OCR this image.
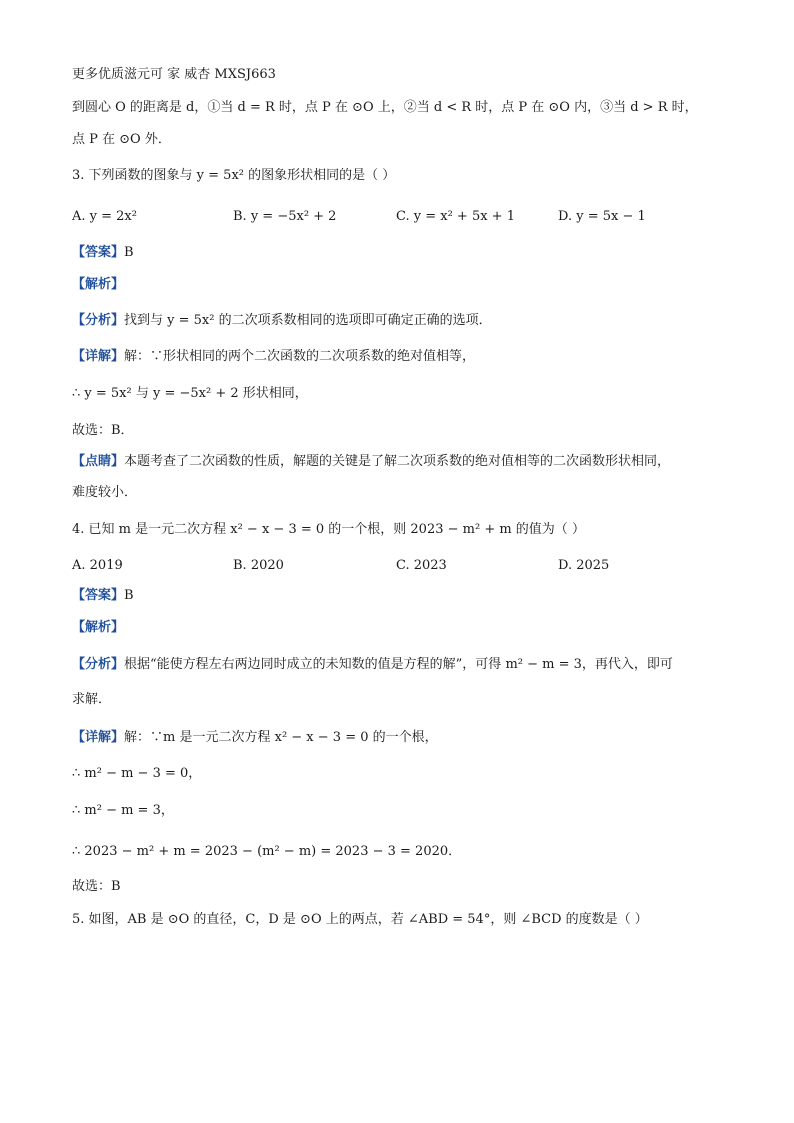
更多优质滋元可 家 威杏 MXSJ663
到圆心 O 的距离是 d，①当 d = R 时，点 P 在 ⊙O 上，②当 d < R 时，点 P 在 ⊙O 内，③当 d > R 时，
点 P 在 ⊙O 外．
3. 下列函数的图象与 y = 5x² 的图象形状相同的是（ ）
A. y = 2x²	B. y = −5x² + 2	C. y = x² + 5x + 1	D. y = 5x − 1
【答案】B
【解析】
【分析】找到与 y = 5x² 的二次项系数相同的选项即可确定正确的选项．
【详解】解：∵形状相同的两个二次函数的二次项系数的绝对值相等，
∴ y = 5x² 与 y = −5x² + 2 形状相同，
故选：B．
【点睛】本题考查了二次函数的性质，解题的关键是了解二次项系数的绝对值相等的二次函数形状相同，
难度较小．
4. 已知 m 是一元二次方程 x² − x − 3 = 0 的一个根，则 2023 − m² + m 的值为（ ）
A. 2019	B. 2020	C. 2023	D. 2025
【答案】B
【解析】
【分析】根据“能使方程左右两边同时成立的未知数的值是方程的解”，可得 m² − m = 3，再代入，即可
求解．
【详解】解：∵m 是一元二次方程 x² − x − 3 = 0 的一个根，
∴ m² − m − 3 = 0，
∴ m² − m = 3，
∴ 2023 − m² + m = 2023 − (m² − m) = 2023 − 3 = 2020．
故选：B
5. 如图，AB 是 ⊙O 的直径，C，D 是 ⊙O 上的两点，若 ∠ABD = 54°，则 ∠BCD 的度数是（ ）
